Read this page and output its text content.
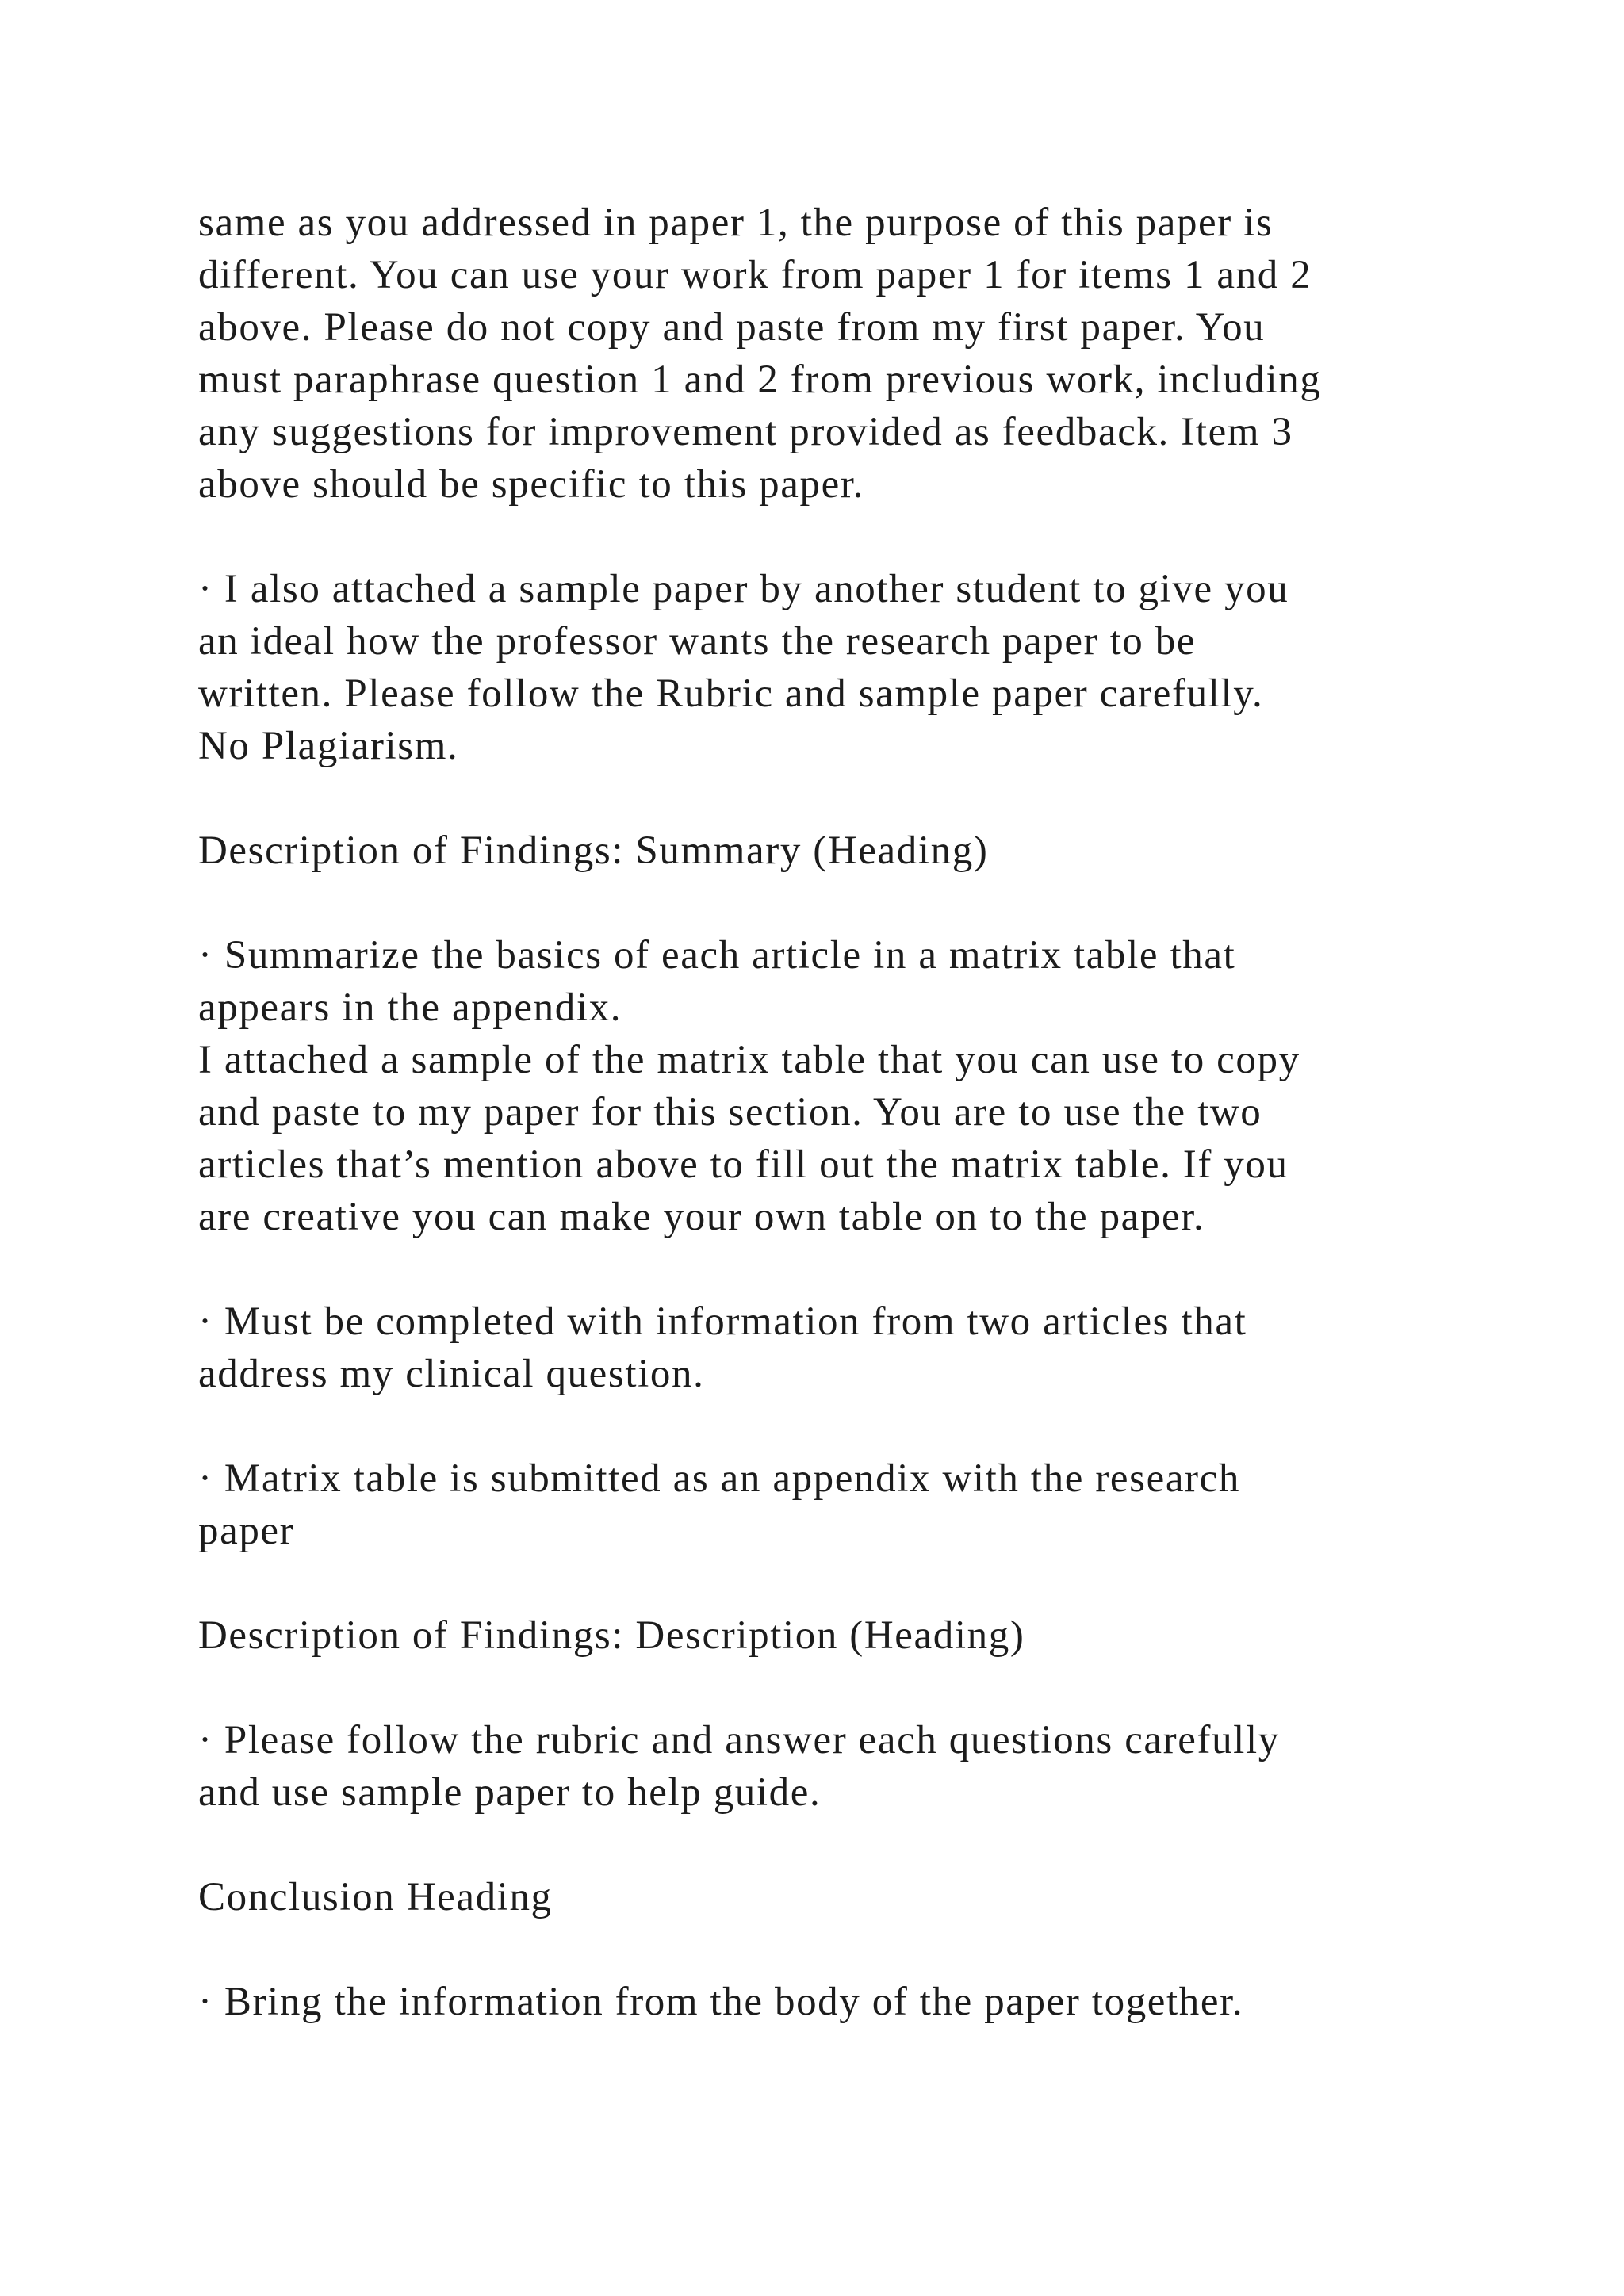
same as you addressed in paper 1, the purpose of this paper is
different. You can use your work from paper 1 for items 1 and 2
above. Please do not copy and paste from my first paper. You
must paraphrase question 1 and 2 from previous work, including
any suggestions for improvement provided as feedback. Item 3
above should be specific to this paper.
· I also attached a sample paper by another student to give you
an ideal how the professor wants the research paper to be
written. Please follow the Rubric and sample paper carefully.
No Plagiarism.
Description of Findings: Summary (Heading)
· Summarize the basics of each article in a matrix table that
appears in the appendix.
I attached a sample of the matrix table that you can use to copy
and paste to my paper for this section. You are to use the two
articles that’s mention above to fill out the matrix table. If you
are creative you can make your own table on to the paper.
· Must be completed with information from two articles that
address my clinical question.
· Matrix table is submitted as an appendix with the research
paper
Description of Findings: Description (Heading)
· Please follow the rubric and answer each questions carefully
and use sample paper to help guide.
Conclusion Heading
· Bring the information from the body of the paper together.
